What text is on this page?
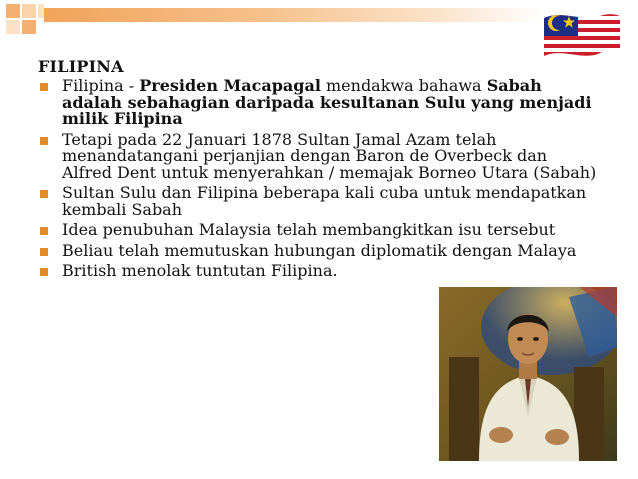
FILIPINA
Filipina - Presiden Macapagal mendakwa bahawa Sabah adalah sebahagian daripada kesultanan Sulu yang menjadi milik Filipina
Tetapi pada 22 Januari 1878 Sultan Jamal Azam telah menandatangani perjanjian dengan Baron de Overbeck dan Alfred Dent untuk menyerahkan / memajak Borneo Utara (Sabah)
Sultan Sulu dan Filipina beberapa kali cuba untuk mendapatkan kembali Sabah
Idea penubuhan Malaysia telah membangkitkan isu tersebut
Beliau telah memutuskan hubungan diplomatik dengan Malaya
British menolak tuntutan Filipina.
